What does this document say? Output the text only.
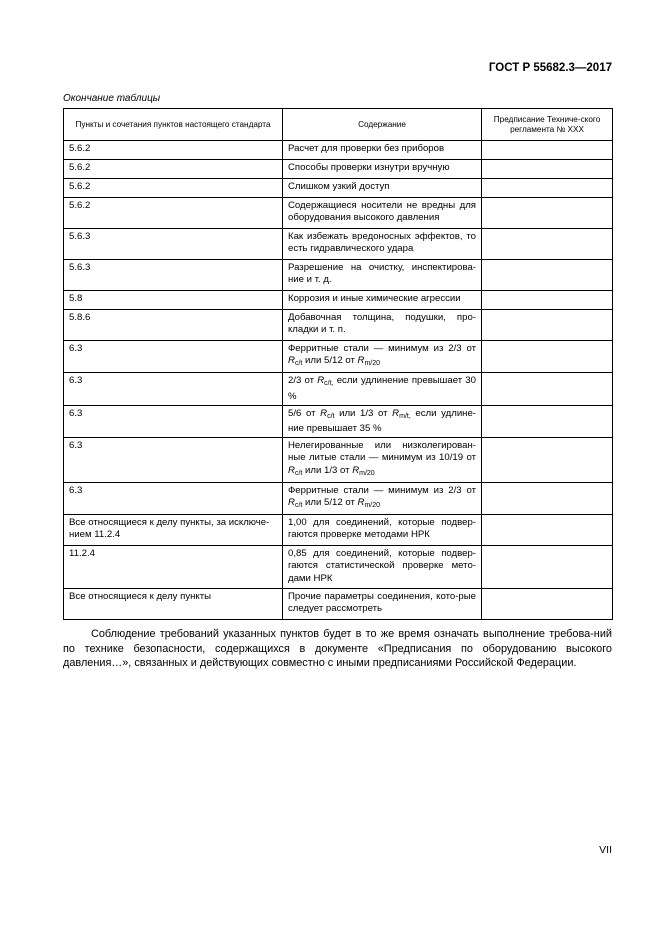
ГОСТ Р 55682.3—2017
Окончание таблицы
Пункты и сочетания пунктов настоящего стандарта	Содержание	Предписание Техниче-ского регламента № ХХХ
5.6.2	Расчет для проверки без приборов	
5.6.2	Способы проверки изнутри вручную	
5.6.2	Слишком узкий доступ	
5.6.2	Содержащиеся носители не вредны для оборудования высокого давления	
5.6.3	Как избежать вредоносных эффектов, то есть гидравлического удара	
5.6.3	Разрешение на очистку, инспектирова-ние и т. д.	
5.8	Коррозия и иные химические агрессии	
5.8.6	Добавочная толщина, подушки, про-кладки и т. п.	
6.3	Ферритные стали — минимум из 2/3 от $R_{c/t}$ или 5/12 от $R_{m/20}$	
6.3	2/3 от $R_{c/t,}$ если удлинение превышает 30 %	
6.3	5/6 от $R_{c/t}$ или 1/3 от $R_{m/t,}$ если удлине-ние превышает 35 %	
6.3	Нелегированные или низколегирован-ные литые стали — минимум из 10/19 от $R_{c/t}$ или 1/3 от $R_{m/20}$	
6.3	Ферритные стали — минимум из 2/3 от $R_{c/t}$ или 5/12 от $R_{m/20}$	
Все относящиеся к делу пункты, за исключе-нием 11.2.4	1,00 для соединений, которые подвер-гаются проверке методами НРК	
11.2.4	0,85 для соединений, которые подвер-гаются статистической проверке мето-дами НРК	
Все относящиеся к делу пункты	Прочие параметры соединения, кото-рые следует рассмотреть	

Соблюдение требований указанных пунктов будет в то же время означать выполнение требова-ний по технике безопасности, содержащихся в документе «Предписания по оборудованию высокого давления…», связанных и действующих совместно с иными предписаниями Российской Федерации.

VII
